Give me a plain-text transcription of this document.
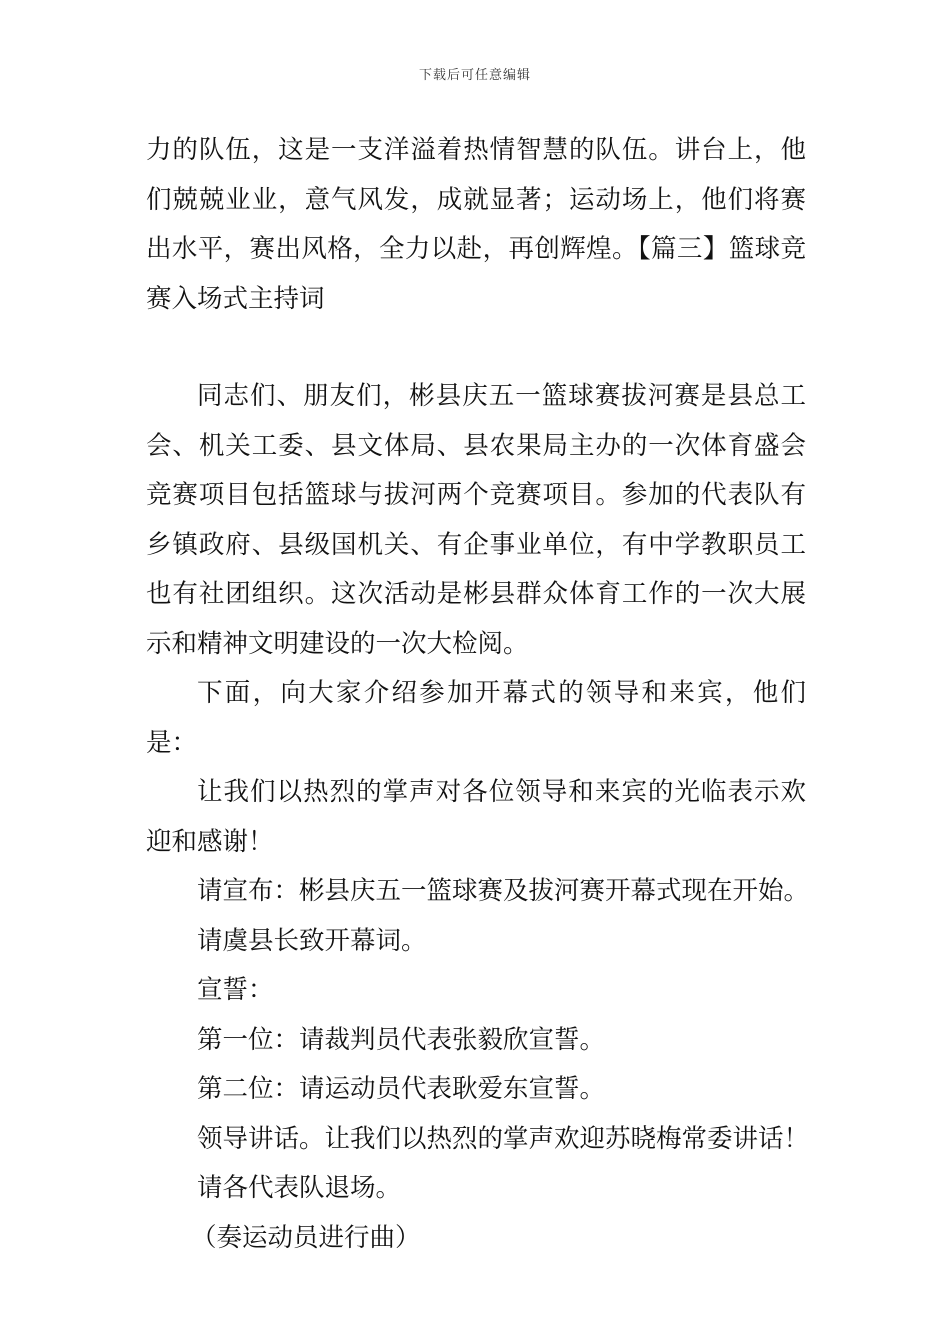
下载后可任意编辑

力的队伍，这是一支洋溢着热情智慧的队伍。讲台上，他们兢兢业业，意气风发，成就显著；运动场上，他们将赛出水平，赛出风格，全力以赴，再创辉煌。【篇三】篮球竞赛入场式主持词

同志们、朋友们，彬县庆五一篮球赛拔河赛是县总工会、机关工委、县文体局、县农果局主办的一次体育盛会竞赛项目包括篮球与拔河两个竞赛项目。参加的代表队有乡镇政府、县级国机关、有企事业单位，有中学教职员工也有社团组织。这次活动是彬县群众体育工作的一次大展示和精神文明建设的一次大检阅。

下面，向大家介绍参加开幕式的领导和来宾，他们是：

让我们以热烈的掌声对各位领导和来宾的光临表示欢迎和感谢！

请宣布：彬县庆五一篮球赛及拔河赛开幕式现在开始。

请虞县长致开幕词。

宣誓：

第一位：请裁判员代表张毅欣宣誓。

第二位：请运动员代表耿爱东宣誓。

领导讲话。让我们以热烈的掌声欢迎苏晓梅常委讲话！

请各代表队退场。

（奏运动员进行曲）
